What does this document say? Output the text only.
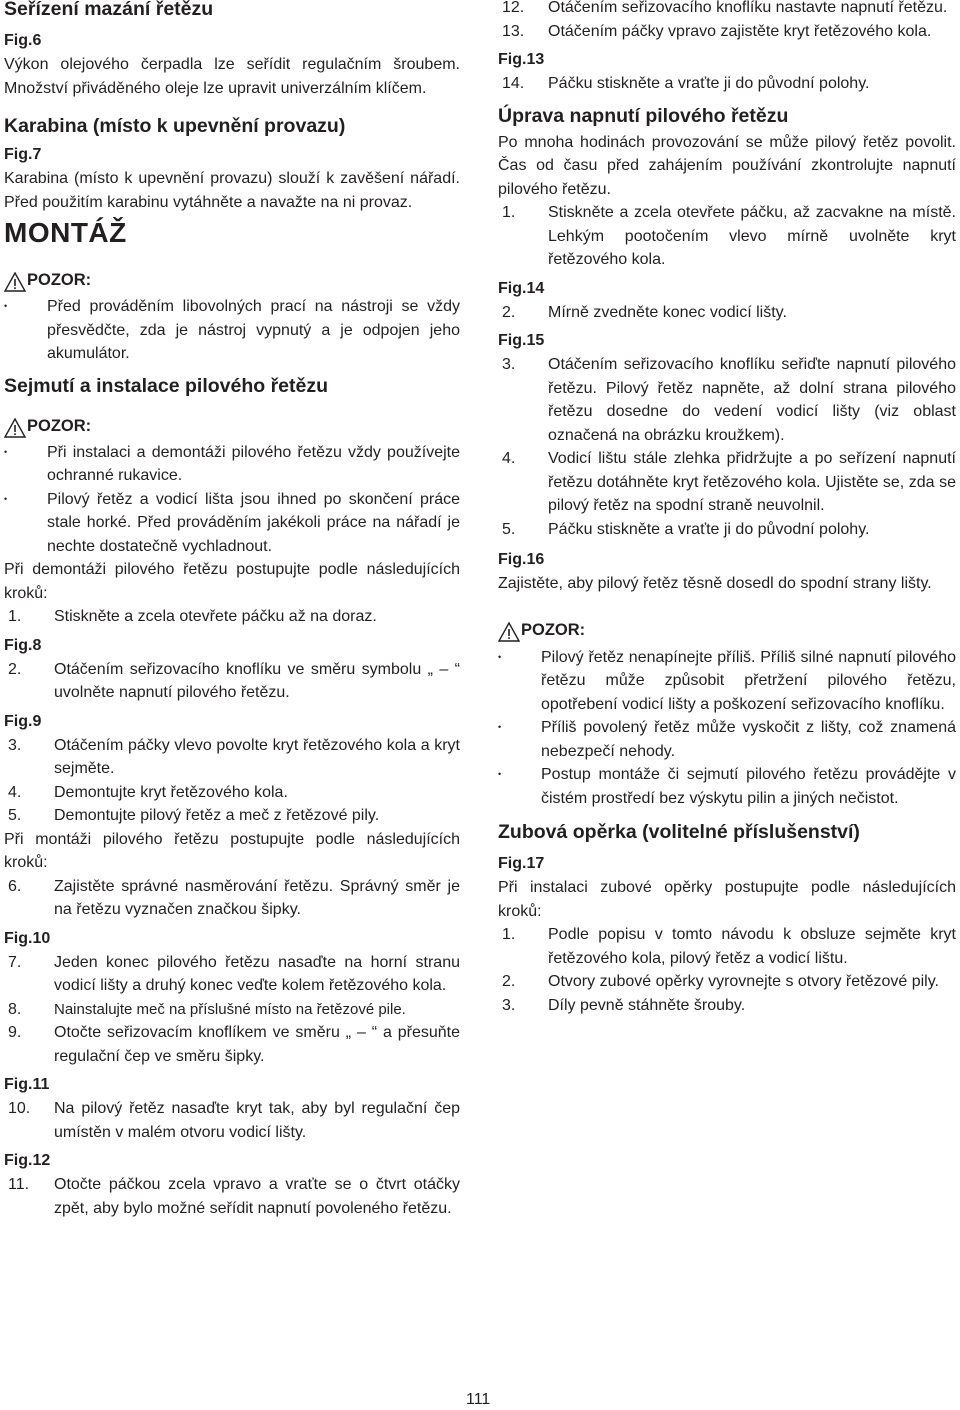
Seřízení mazání řetězu
Fig.6
Výkon olejového čerpadla lze seřídit regulačním šroubem. Množství přiváděného oleje lze upravit univerzálním klíčem.
Karabina (místo k upevnění provazu)
Fig.7
Karabina (místo k upevnění provazu) slouží k zavěšení nářadí. Před použitím karabinu vytáhněte a navažte na ni provaz.
MONTÁŽ
POZOR:
• Před prováděním libovolných prací na nástroji se vždy přesvědčte, zda je nástroj vypnutý a je odpojen jeho akumulátor.
Sejmutí a instalace pilového řetězu
POZOR:
• Při instalaci a demontáži pilového řetězu vždy používejte ochranné rukavice.
• Pilový řetěz a vodicí lišta jsou ihned po skončení práce stale horké. Před prováděním jakékoli práce na nářadí je nechte dostatečně vychladnout.
Při demontáži pilového řetězu postupujte podle následujících kroků:
1. Stiskněte a zcela otevřete páčku až na doraz.
Fig.8
2. Otáčením seřizovacího knoflíku ve směru symbolu „ – “ uvolněte napnutí pilového řetězu.
Fig.9
3. Otáčením páčky vlevo povolte kryt řetězového kola a kryt sejměte.
4. Demontujte kryt řetězového kola.
5. Demontujte pilový řetěz a meč z řetězové pily.
Při montáži pilového řetězu postupujte podle následujících kroků:
6. Zajistěte správné nasměrování řetězu. Správný směr je na řetězu vyznačen značkou šipky.
Fig.10
7. Jeden konec pilového řetězu nasaďte na horní stranu vodicí lišty a druhý konec veďte kolem řetězového kola.
8. Nainstalujte meč na příslušné místo na řetězové pile.
9. Otočte seřizovacím knoflíkem ve směru „ – “ a přesuňte regulační čep ve směru šipky.
Fig.11
10. Na pilový řetěz nasaďte kryt tak, aby byl regulační čep umístěn v malém otvoru vodicí lišty.
Fig.12
11. Otočte páčkou zcela vpravo a vraťte se o čtvrt otáčky zpět, aby bylo možné seřídit napnutí povoleného řetězu.
12. Otáčením seřizovacího knoflíku nastavte napnutí řetězu.
13. Otáčením páčky vpravo zajistěte kryt řetězového kola.
Fig.13
14. Páčku stiskněte a vraťte ji do původní polohy.
Úprava napnutí pilového řetězu
Po mnoha hodinách provozování se může pilový řetěz povolit. Čas od času před zahájením používání zkontrolujte napnutí pilového řetězu.
1. Stiskněte a zcela otevřete páčku, až zacvakne na místě. Lehkým pootočením vlevo mírně uvolněte kryt řetězového kola.
Fig.14
2. Mírně zvedněte konec vodicí lišty.
Fig.15
3. Otáčením seřizovacího knoflíku seřiďte napnutí pilového řetězu. Pilový řetěz napněte, až dolní strana pilového řetězu dosedne do vedení vodicí lišty (viz oblast označená na obrázku kroužkem).
4. Vodicí lištu stále zlehka přidržujte a po seřízení napnutí řetězu dotáhněte kryt řetězového kola. Ujistěte se, zda se pilový řetěz na spodní straně neuvolnil.
5. Páčku stiskněte a vraťte ji do původní polohy.
Fig.16
Zajistěte, aby pilový řetěz těsně dosedl do spodní strany lišty.
POZOR:
• Pilový řetěz nenapínejte příliš. Příliš silné napnutí pilového řetězu může způsobit přetržení pilového řetězu, opotřebení vodicí lišty a poškození seřizovacího knoflíku.
• Příliš povolený řetěz může vyskočit z lišty, což znamená nebezpečí nehody.
• Postup montáže či sejmutí pilového řetězu provádějte v čistém prostředí bez výskytu pilin a jiných nečistot.
Zubová opěrka (volitelné příslušenství)
Fig.17
Při instalaci zubové opěrky postupujte podle následujících kroků:
1. Podle popisu v tomto návodu k obsluze sejměte kryt řetězového kola, pilový řetěz a vodicí lištu.
2. Otvory zubové opěrky vyrovnejte s otvory řetězové pily.
3. Díly pevně stáhněte šrouby.
111
